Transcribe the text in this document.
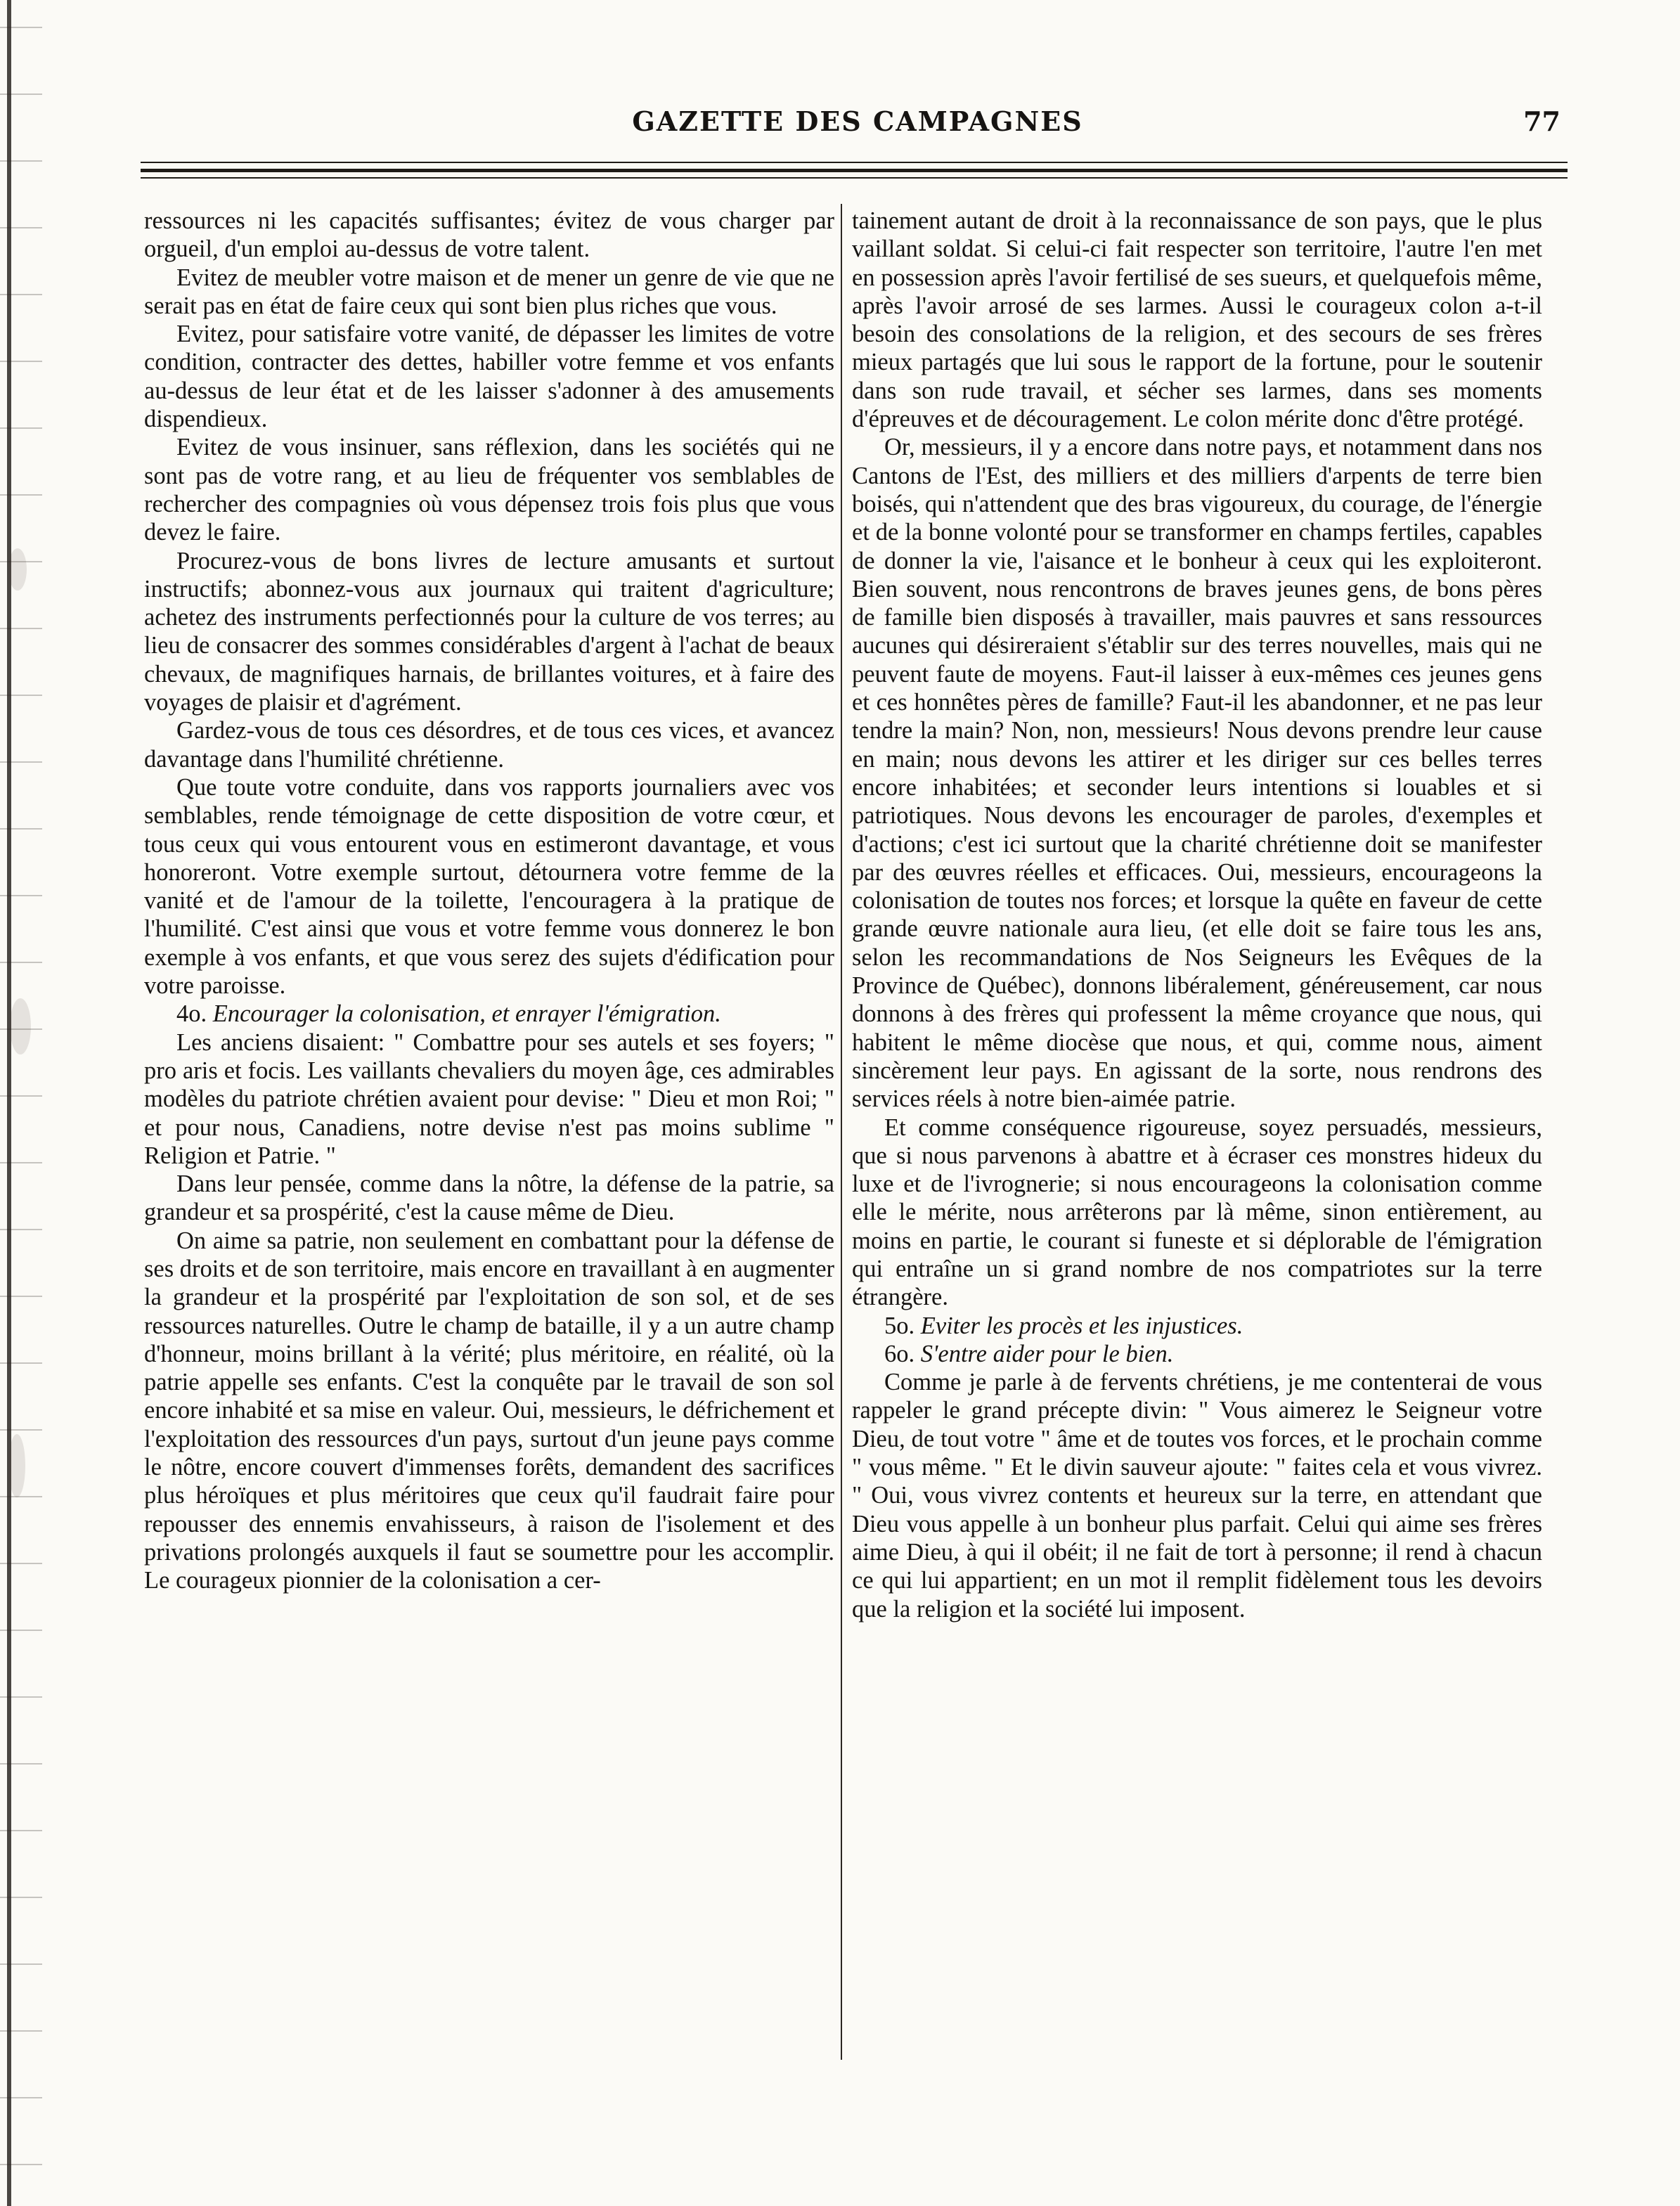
GAZETTE DES CAMPAGNES	77

ressources ni les capacités suffisantes; évitez de vous charger par orgueil, d'un emploi au-dessus de votre talent.

Evitez de meubler votre maison et de mener un genre de vie que ne serait pas en état de faire ceux qui sont bien plus riches que vous.

Evitez, pour satisfaire votre vanité, de dépasser les limites de votre condition, contracter des dettes, habiller votre femme et vos enfants au-dessus de leur état et de les laisser s'adonner à des amusements dispendieux.

Evitez de vous insinuer, sans réflexion, dans les sociétés qui ne sont pas de votre rang, et au lieu de fréquenter vos semblables de rechercher des compagnies où vous dépensez trois fois plus que vous devez le faire.

Procurez-vous de bons livres de lecture amusants et surtout instructifs; abonnez-vous aux journaux qui traitent d'agriculture; achetez des instruments perfectionnés pour la culture de vos terres; au lieu de consacrer des sommes considérables d'argent à l'achat de beaux chevaux, de magnifiques harnais, de brillantes voitures, et à faire des voyages de plaisir et d'agrément.

Gardez-vous de tous ces désordres, et de tous ces vices, et avancez davantage dans l'humilité chrétienne.

Que toute votre conduite, dans vos rapports journaliers avec vos semblables, rende témoignage de cette disposition de votre cœur, et tous ceux qui vous entourent vous en estimeront davantage, et vous honoreront. Votre exemple surtout, détournera votre femme de la vanité et de l'amour de la toilette, l'encouragera à la pratique de l'humilité. C'est ainsi que vous et votre femme vous donnerez le bon exemple à vos enfants, et que vous serez des sujets d'édification pour votre paroisse.

4o. Encourager la colonisation, et enrayer l'émigration.

Les anciens disaient: " Combattre pour ses autels et ses foyers; " pro aris et focis. Les vaillants chevaliers du moyen âge, ces admirables modèles du patriote chrétien avaient pour devise: " Dieu et mon Roi; " et pour nous, Canadiens, notre devise n'est pas moins sublime " Religion et Patrie. "

Dans leur pensée, comme dans la nôtre, la défense de la patrie, sa grandeur et sa prospérité, c'est la cause même de Dieu.

On aime sa patrie, non seulement en combattant pour la défense de ses droits et de son territoire, mais encore en travaillant à en augmenter la grandeur et la prospérité par l'exploitation de son sol, et de ses ressources naturelles. Outre le champ de bataille, il y a un autre champ d'honneur, moins brillant à la vérité; plus méritoire, en réalité, où la patrie appelle ses enfants. C'est la conquête par le travail de son sol encore inhabité et sa mise en valeur. Oui, messieurs, le défrichement et l'exploitation des ressources d'un pays, surtout d'un jeune pays comme le nôtre, encore couvert d'immenses forêts, demandent des sacrifices plus héroïques et plus méritoires que ceux qu'il faudrait faire pour repousser des ennemis envahisseurs, à raison de l'isolement et des privations prolongés auxquels il faut se soumettre pour les accomplir. Le courageux pionnier de la colonisation a cer-

tainement autant de droit à la reconnaissance de son pays, que le plus vaillant soldat. Si celui-ci fait respecter son territoire, l'autre l'en met en possession après l'avoir fertilisé de ses sueurs, et quelquefois même, après l'avoir arrosé de ses larmes. Aussi le courageux colon a-t-il besoin des consolations de la religion, et des secours de ses frères mieux partagés que lui sous le rapport de la fortune, pour le soutenir dans son rude travail, et sécher ses larmes, dans ses moments d'épreuves et de découragement. Le colon mérite donc d'être protégé.

Or, messieurs, il y a encore dans notre pays, et notamment dans nos Cantons de l'Est, des milliers et des milliers d'arpents de terre bien boisés, qui n'attendent que des bras vigoureux, du courage, de l'énergie et de la bonne volonté pour se transformer en champs fertiles, capables de donner la vie, l'aisance et le bonheur à ceux qui les exploiteront. Bien souvent, nous rencontrons de braves jeunes gens, de bons pères de famille bien disposés à travailler, mais pauvres et sans ressources aucunes qui désireraient s'établir sur des terres nouvelles, mais qui ne peuvent faute de moyens. Faut-il laisser à eux-mêmes ces jeunes gens et ces honnêtes pères de famille? Faut-il les abandonner, et ne pas leur tendre la main? Non, non, messieurs! Nous devons prendre leur cause en main; nous devons les attirer et les diriger sur ces belles terres encore inhabitées; et seconder leurs intentions si louables et si patriotiques. Nous devons les encourager de paroles, d'exemples et d'actions; c'est ici surtout que la charité chrétienne doit se manifester par des œuvres réelles et efficaces. Oui, messieurs, encourageons la colonisation de toutes nos forces; et lorsque la quête en faveur de cette grande œuvre nationale aura lieu, (et elle doit se faire tous les ans, selon les recommandations de Nos Seigneurs les Evêques de la Province de Québec), donnons libéralement, généreusement, car nous donnons à des frères qui professent la même croyance que nous, qui habitent le même diocèse que nous, et qui, comme nous, aiment sincèrement leur pays. En agissant de la sorte, nous rendrons des services réels à notre bien-aimée patrie.

Et comme conséquence rigoureuse, soyez persuadés, messieurs, que si nous parvenons à abattre et à écraser ces monstres hideux du luxe et de l'ivrognerie; si nous encourageons la colonisation comme elle le mérite, nous arrêterons par là même, sinon entièrement, au moins en partie, le courant si funeste et si déplorable de l'émigration qui entraîne un si grand nombre de nos compatriotes sur la terre étrangère.

5o. Eviter les procès et les injustices.

6o. S'entre aider pour le bien.

Comme je parle à de fervents chrétiens, je me contenterai de vous rappeler le grand précepte divin: " Vous aimerez le Seigneur votre Dieu, de tout votre " âme et de toutes vos forces, et le prochain comme " vous même. " Et le divin sauveur ajoute: " faites cela et vous vivrez. " Oui, vous vivrez contents et heureux sur la terre, en attendant que Dieu vous appelle à un bonheur plus parfait. Celui qui aime ses frères aime Dieu, à qui il obéit; il ne fait de tort à personne; il rend à chacun ce qui lui appartient; en un mot il remplit fidèlement tous les devoirs que la religion et la société lui imposent.
